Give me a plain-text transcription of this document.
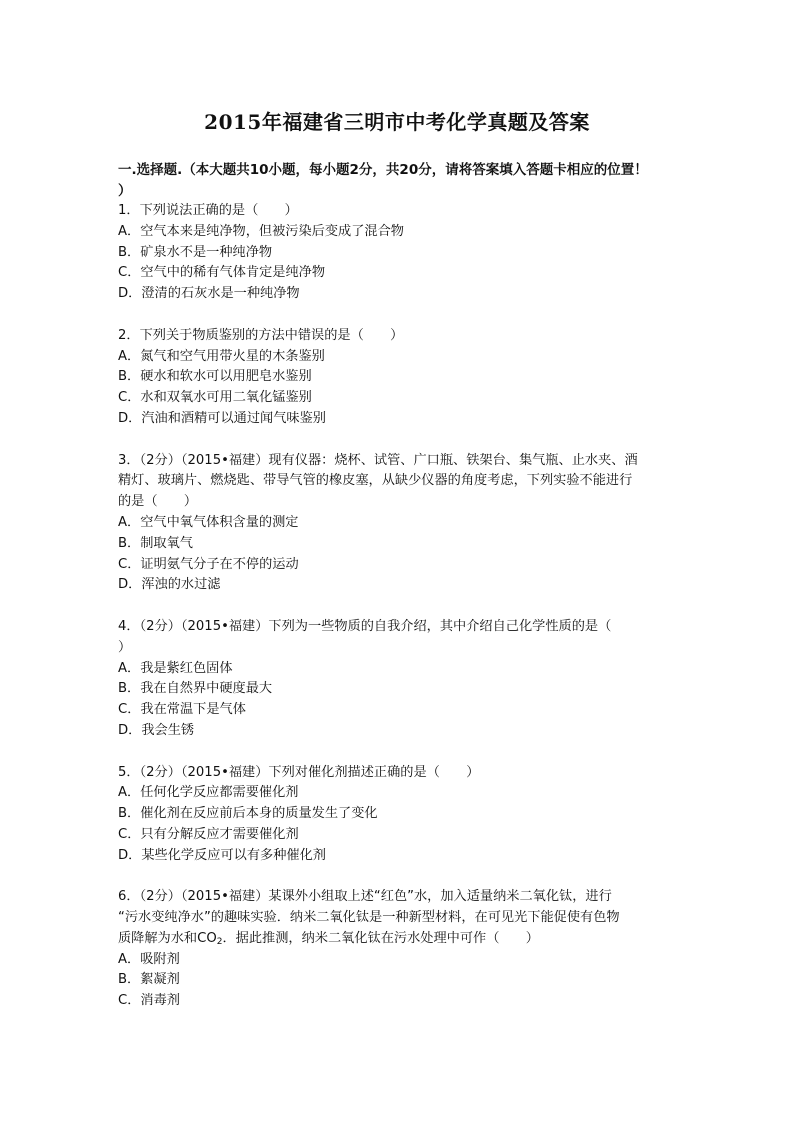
2015年福建省三明市中考化学真题及答案
一.选择题.（本大题共10小题，每小题2分，共20分，请将答案填入答题卡相应的位置！
）

1．下列说法正确的是（　　）

A．空气本来是纯净物，但被污染后变成了混合物

B．矿泉水不是一种纯净物

C．空气中的稀有气体肯定是纯净物

D．澄清的石灰水是一种纯净物

2．下列关于物质鉴别的方法中错误的是（　　）

A．氮气和空气用带火星的木条鉴别

B．硬水和软水可以用肥皂水鉴别

C．水和双氧水可用二氧化锰鉴别

D．汽油和酒精可以通过闻气味鉴别

3．（2分）（2015•福建）现有仪器：烧杯、试管、广口瓶、铁架台、集气瓶、止水夹、酒

精灯、玻璃片、燃烧匙、带导气管的橡皮塞，从缺少仪器的角度考虑，下列实验不能进行

的是（　　）

A．空气中氧气体积含量的测定

B．制取氧气

C．证明氨气分子在不停的运动

D．浑浊的水过滤

4．（2分）（2015•福建）下列为一些物质的自我介绍，其中介绍自己化学性质的是（

）

A．我是紫红色固体

B．我在自然界中硬度最大

C．我在常温下是气体

D．我会生锈

5．（2分）（2015•福建）下列对催化剂描述正确的是（　　）

A．任何化学反应都需要催化剂

B．催化剂在反应前后本身的质量发生了变化

C．只有分解反应才需要催化剂

D．某些化学反应可以有多种催化剂

6．（2分）（2015•福建）某课外小组取上述“红色”水，加入适量纳米二氧化钛，进行

“污水变纯净水”的趣味实验．纳米二氧化钛是一种新型材料，在可见光下能促使有色物

质降解为水和$CO_2$．据此推测，纳米二氧化钛在污水处理中可作（　　）

A．吸附剂

B．絮凝剂

C．消毒剂
